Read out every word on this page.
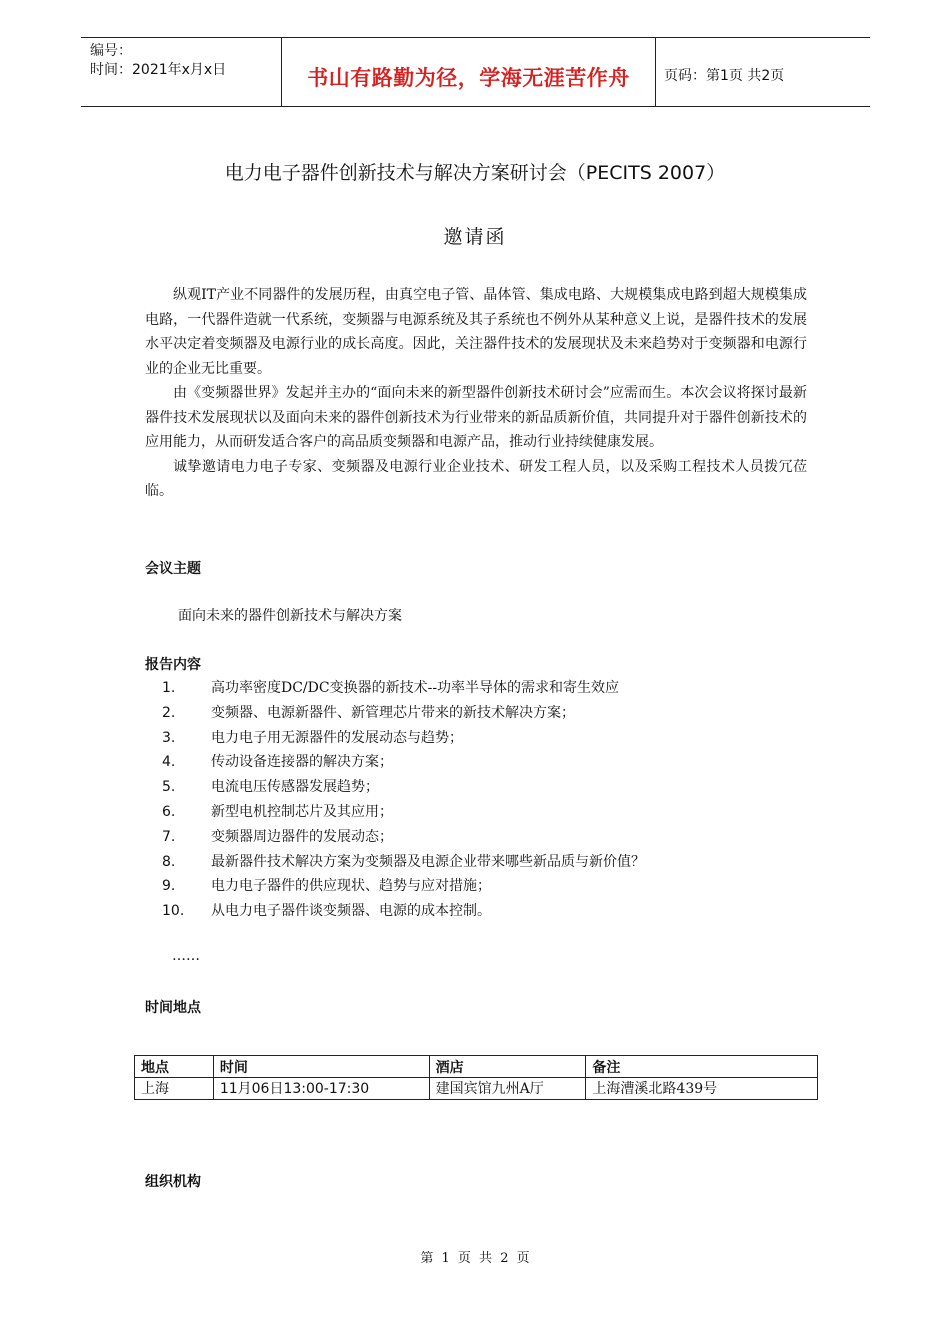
编号：
时间：2021年x月x日	书山有路勤为径，学海无涯苦作舟	页码：第1页 共2页
电力电子器件创新技术与解决方案研讨会（PECITS 2007）
邀请函

纵观IT产业不同器件的发展历程，由真空电子管、晶体管、集成电路、大规模集成电路到超大规模集成电路，一代器件造就一代系统，变频器与电源系统及其子系统也不例外从某种意义上说，是器件技术的发展水平决定着变频器及电源行业的成长高度。因此，关注器件技术的发展现状及未来趋势对于变频器和电源行业的企业无比重要。

由《变频器世界》发起并主办的“面向未来的新型器件创新技术研讨会”应需而生。本次会议将探讨最新器件技术发展现状以及面向未来的器件创新技术为行业带来的新品质新价值，共同提升对于器件创新技术的应用能力，从而研发适合客户的高品质变频器和电源产品，推动行业持续健康发展。

诚挚邀请电力电子专家、变频器及电源行业企业技术、研发工程人员，以及采购工程技术人员拨冗莅临。

会议主题
面向未来的器件创新技术与解决方案
报告内容
1.	高功率密度DC/DC变换器的新技术--功率半导体的需求和寄生效应
2.	变频器、电源新器件、新管理芯片带来的新技术解决方案；
3.	电力电子用无源器件的发展动态与趋势；
4.	传动设备连接器的解决方案；
5.	电流电压传感器发展趋势；
6.	新型电机控制芯片及其应用；
7.	变频器周边器件的发展动态；
8.	最新器件技术解决方案为变频器及电源企业带来哪些新品质与新价值？
9.	电力电子器件的供应现状、趋势与应对措施；
10. 从电力电子器件谈变频器、电源的成本控制。
……
时间地点
地点	时间	酒店	备注
上海	11月06日13:00-17:30	建国宾馆九州A厅	上海漕溪北路439号
组织机构
第 1 页 共 2 页
